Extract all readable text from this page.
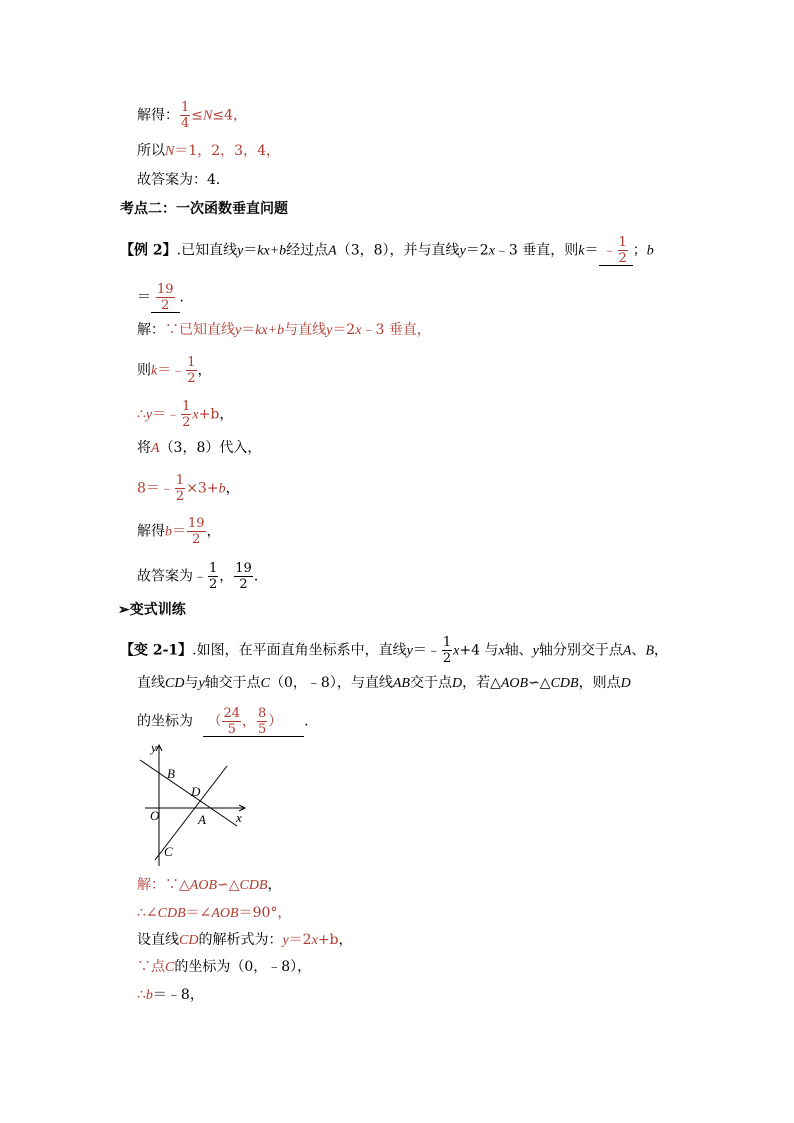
解得： $\frac{1}{4} \le N\le 4$，
所以N＝1，2，3，4，
故答案为：4．
考点二：一次函数垂直问题
【例 2】.已知直线y＝kx+b经过点A（3，8），并与直线y＝2x﹣3 垂直，则k＝ ﹣ $\frac{1}{2}$ ；b
＝ $\frac{19}{2}$ ．
解：∵已知直线y＝kx+b与直线y＝2x﹣3 垂直，
则k＝﹣ $\frac{1}{2}$ ，
∴y＝﹣ $\frac{1}{2} x+b$，
将A（3，8）代入，
8＝﹣ $\frac{1}{2} \times 3+b$，
解得$b= \frac{19}{2}$ ，
故答案为﹣ $\frac{1}{2}$ ， $\frac{19}{2}$ ．
➢变式训练
【变 2-1】.如图，在平面直角坐标系中，直线y＝﹣ $\frac{1}{2} x+4$ 与x轴、y轴分别交于点A、B，
直线CD与y轴交于点C（0，﹣8），与直线AB交于点D，若△AOB∽△CDB，则点D
的坐标为 （ $\frac{24}{5}$ ， $\frac{8}{5}$ ） ．
y
x
O	A
B
C
D
解：∵△AOB∽△CDB，
∴∠CDB＝∠AOB＝90°，
设直线CD的解析式为：y＝2x+b，
∵点C的坐标为（0，﹣8），
∴b＝﹣8，
